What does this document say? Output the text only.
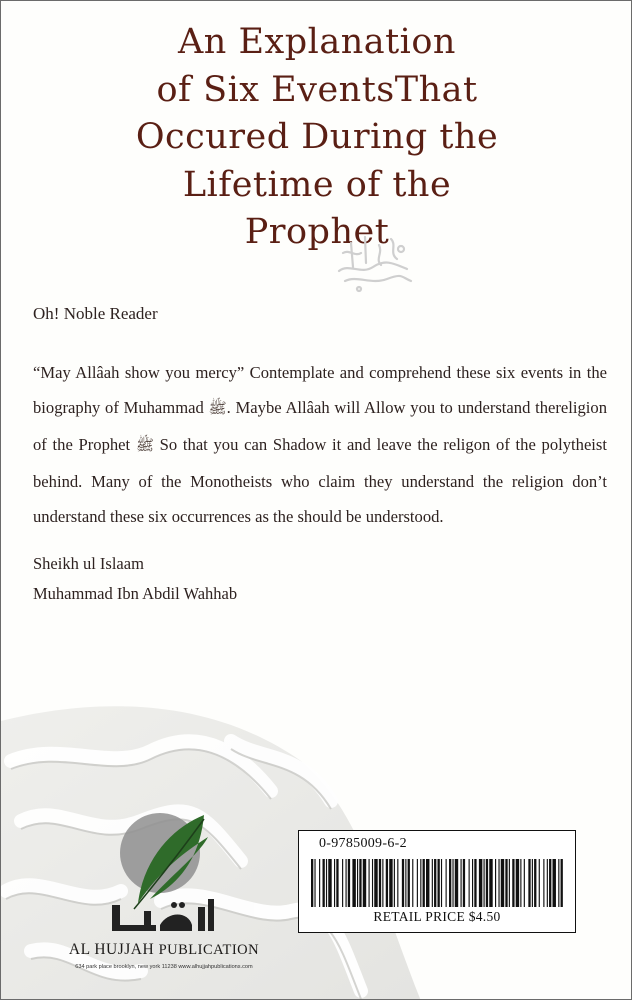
An Explanation
of Six EventsThat
Occured During the
Lifetime of the
Prophet
Oh! Noble Reader
“May Allâah show you mercy” Contemplate and comprehend these six events in the biography of Muhammad ﷺ. Maybe Allâah will Allow you to understand thereligion of the Prophet ﷺ So that you can Shadow it and leave the religon of the polytheist behind. Many of the Monotheists who claim they understand the religion don’t understand these six occurrences as the should be understood.
Sheikh ul Islaam
Muhammad Ibn Abdil Wahhab
AL HUJJAH PUBLICATION
634 park place brooklyn, new york 11238 www.alhujjahpublications.com
0-9785009-6-2
RETAIL PRICE $4.50
